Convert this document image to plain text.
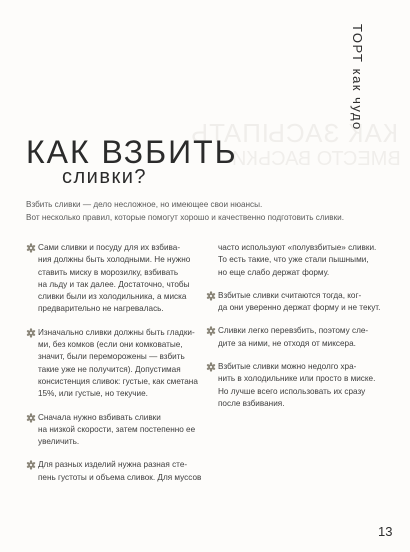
ТОРТ как чудо
КАК ЗАСЫПАТЬ
ВМЕСТО ВАСЬКИ
КАК ВЗБИТЬ
сливки?

Взбить сливки — дело несложное, но имеющее свои нюансы.

Вот несколько правил, которые помогут хорошо и качественно подготовить сливки.

Сами сливки и посуду для их взбива-
ния должны быть холодными. Не нужно
ставить миску в морозилку, взбивать
на льду и так далее. Достаточно, чтобы
сливки были из холодильника, а миска
предварительно не нагревалась.
Изначально сливки должны быть гладки-
ми, без комков (если они комковатые,
значит, были переморожены — взбить
такие уже не получится). Допустимая
консистенция сливок: густые, как сметана
15%, или густые, но текучие.
Сначала нужно взбивать сливки
на низкой скорости, затем постепенно ее
увеличить.
Для разных изделий нужна разная сте-
пень густоты и объема сливок. Для муссов
часто используют «полувзбитые» сливки.
То есть такие, что уже стали пышными,
но еще слабо держат форму.
Взбитые сливки считаются тогда, ког-
да они уверенно держат форму и не текут.
Сливки легко перевзбить, поэтому сле-
дите за ними, не отходя от миксера.
Взбитые сливки можно недолго хра-
нить в холодильнике или просто в миске.
Но лучше всего использовать их сразу
после взбивания.
13
